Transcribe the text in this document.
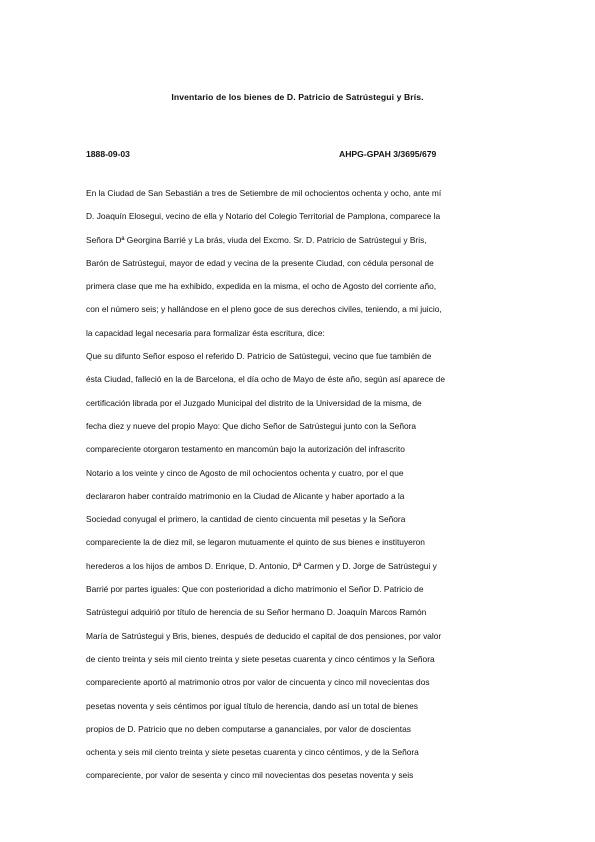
Inventario de los bienes de D. Patricio de Satrústegui y Brís.
1888-09-03	AHPG-GPAH 3/3695/679
En la Ciudad de San Sebastián a tres de Setiembre de mil ochocientos ochenta y ocho, ante mí
D. Joaquín Elosegui, vecino de ella y Notario del Colegio Territorial de Pamplona, comparece la
Señora Dª Georgina Barrié y La brás, viuda del Excmo. Sr. D. Patricio de Satrústegui y Bris,
Barón de Satrústegui, mayor de edad y vecina de la presente Ciudad, con cédula personal de
primera clase que me ha exhibido, expedida en la misma, el ocho de Agosto del corriente año,
con el número seis; y hallándose en el pleno goce de sus derechos civiles, teniendo, a mi juicio,
la capacidad legal necesaria para formalizar ésta escritura, dice:
Que su difunto Señor esposo el referido D. Patricio de Satústegui, vecino que fue también de
ésta Ciudad, falleció en la de Barcelona, el día ocho de Mayo de éste año, según así aparece de
certificación librada por el Juzgado Municipal del distrito de la Universidad de la misma, de
fecha diez y nueve del propio Mayo: Que dicho Señor de Satrústegui junto con la Señora
compareciente otorgaron testamento en mancomún bajo la autorización del infrascrito
Notario a los veinte y cinco de Agosto de mil ochocientos ochenta y cuatro, por el que
declararon haber contraído matrimonio en la Ciudad de Alicante y haber aportado a la
Sociedad conyugal el primero, la cantidad de ciento cincuenta mil pesetas y la Señora
compareciente la de diez mil, se legaron mutuamente el quinto de sus bienes e instituyeron
herederos a los hijos de ambos D. Enrique, D. Antonio, Dª Carmen y D. Jorge de Satrústegui y
Barrié por partes iguales: Que con posterioridad a dicho matrimonio el Señor D. Patricio de
Satrústegui adquirió por título de herencia de su Señor hermano D. Joaquín Marcos Ramón
María de Satrústegui y Bris, bienes, después de deducido el capital de dos pensiones, por valor
de ciento treinta y seis mil ciento treinta y siete pesetas cuarenta y cinco céntimos y la Señora
compareciente aportó al matrimonio otros por valor de cincuenta y cinco mil novecientas dos
pesetas noventa y seis céntimos por igual título de herencia, dando así un total de bienes
propios de D. Patricio que no deben computarse a gananciales, por valor de doscientas
ochenta y seis mil ciento treinta y siete pesetas cuarenta y cinco céntimos, y de la Señora
compareciente, por valor de sesenta y cinco mil novecientas dos pesetas noventa y seis
